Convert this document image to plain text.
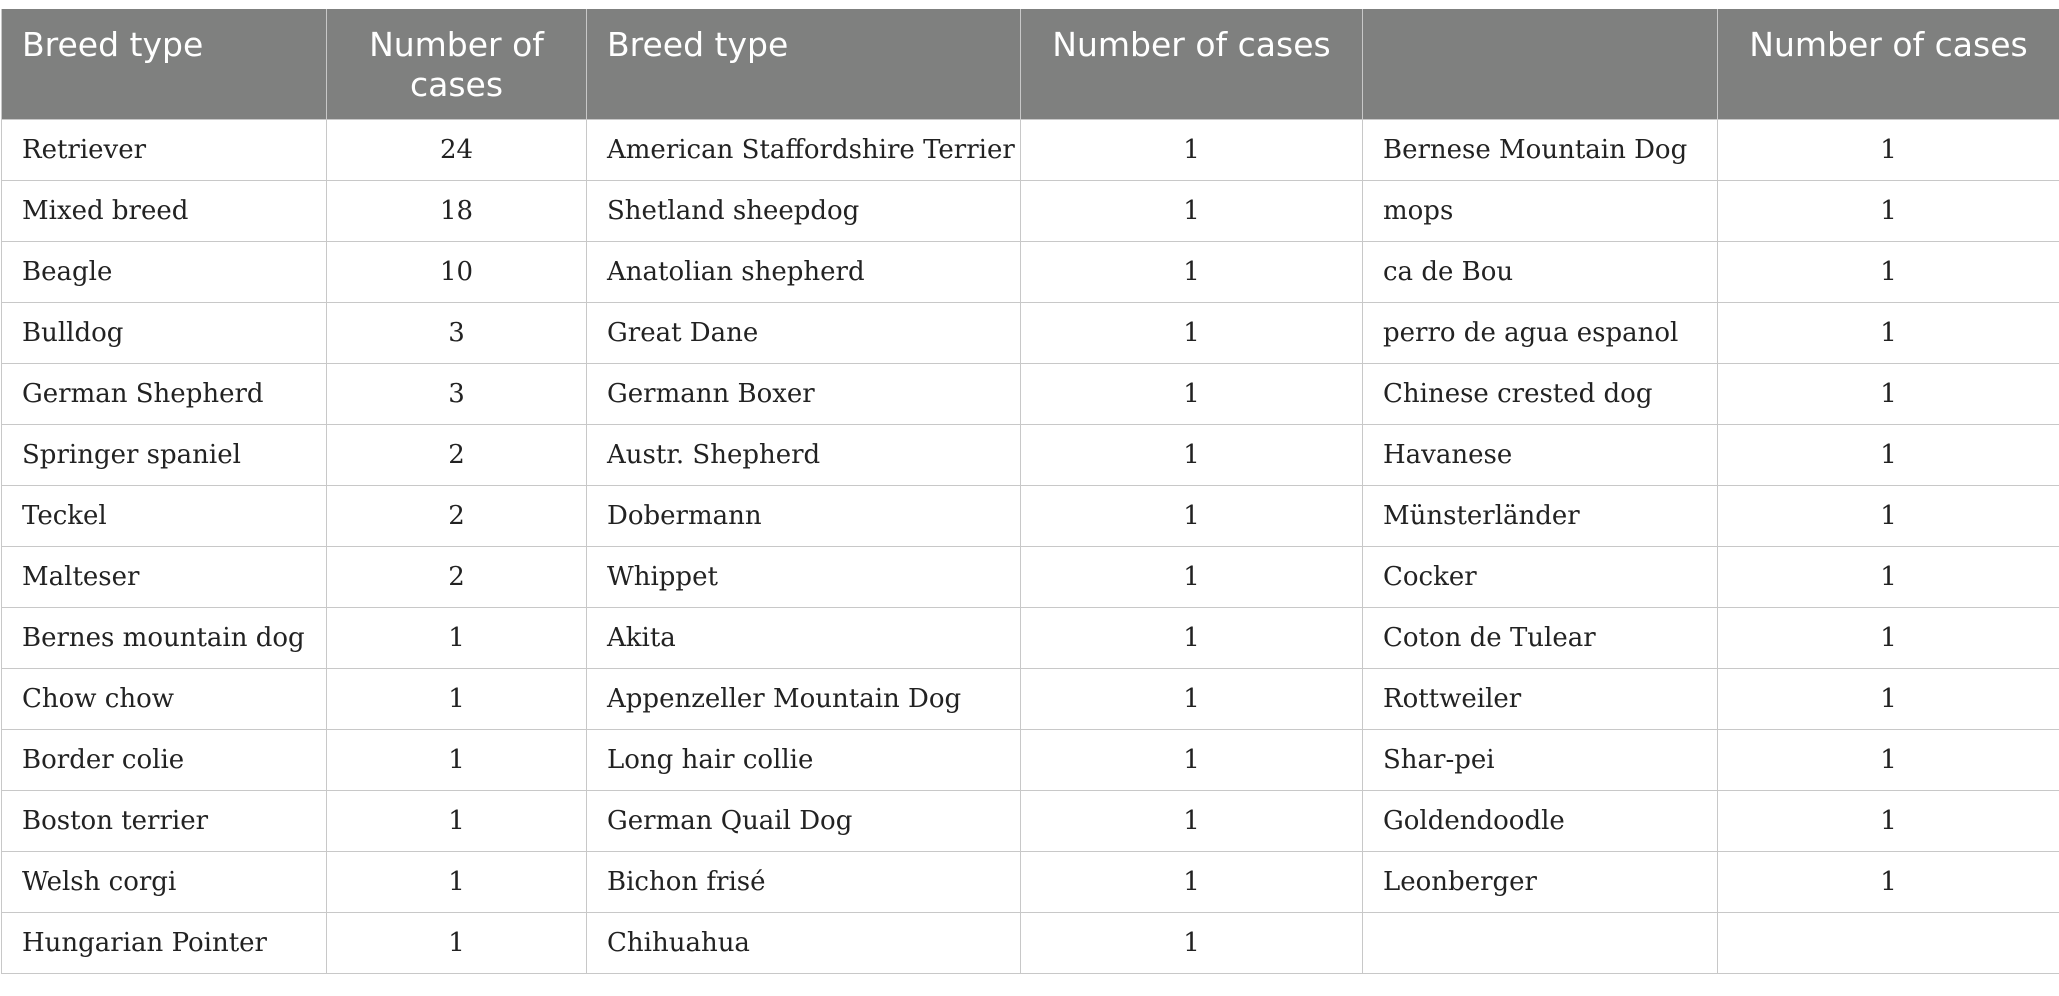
Breed type	Number of cases	Breed type	Number of cases		Number of cases
Retriever	24	American Staffordshire Terrier	1	Bernese Mountain Dog	1
Mixed breed	18	Shetland sheepdog	1	mops	1
Beagle	10	Anatolian shepherd	1	ca de Bou	1
Bulldog	3	Great Dane	1	perro de agua espanol	1
German Shepherd	3	Germann Boxer	1	Chinese crested dog	1
Springer spaniel	2	Austr. Shepherd	1	Havanese	1
Teckel	2	Dobermann	1	Münsterländer	1
Malteser	2	Whippet	1	Cocker	1
Bernes mountain dog	1	Akita	1	Coton de Tulear	1
Chow chow	1	Appenzeller Mountain Dog	1	Rottweiler	1
Border colie	1	Long hair collie	1	Shar-pei	1
Boston terrier	1	German Quail Dog	1	Goldendoodle	1
Welsh corgi	1	Bichon frisé	1	Leonberger	1
Hungarian Pointer	1	Chihuahua	1		
